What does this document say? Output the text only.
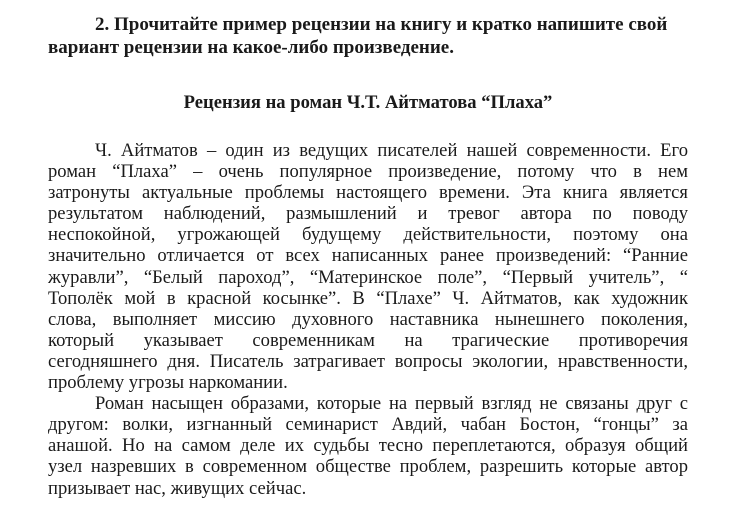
2. Прочитайте пример рецензии на книгу и кратко напишите свой
вариант рецензии на какое-либо произведение.
Рецензия на роман Ч.Т. Айтматова “Плаха”
Ч. Айтматов – один из ведущих писателей нашей современности. Его
роман “Плаха” – очень популярное произведение, потому что в нем
затронуты актуальные проблемы настоящего времени. Эта книга является
результатом наблюдений, размышлений и тревог автора по поводу
неспокойной, угрожающей будущему действительности, поэтому она
значительно отличается от всех написанных ранее произведений: “Ранние
журавли”, “Белый пароход”, “Материнское поле”, “Первый учитель”, “
Тополёк мой в красной косынке”. В “Плахе” Ч. Айтматов, как художник
слова, выполняет миссию духовного наставника нынешнего поколения,
который указывает современникам на трагические противоречия
сегодняшнего дня. Писатель затрагивает вопросы экологии, нравственности,
проблему угрозы наркомании.
Роман насыщен образами, которые на первый взгляд не связаны друг с
другом: волки, изгнанный семинарист Авдий, чабан Бостон, “гонцы” за
анашой. Но на самом деле их судьбы тесно переплетаются, образуя общий
узел назревших в современном обществе проблем, разрешить которые автор
призывает нас, живущих сейчас.
